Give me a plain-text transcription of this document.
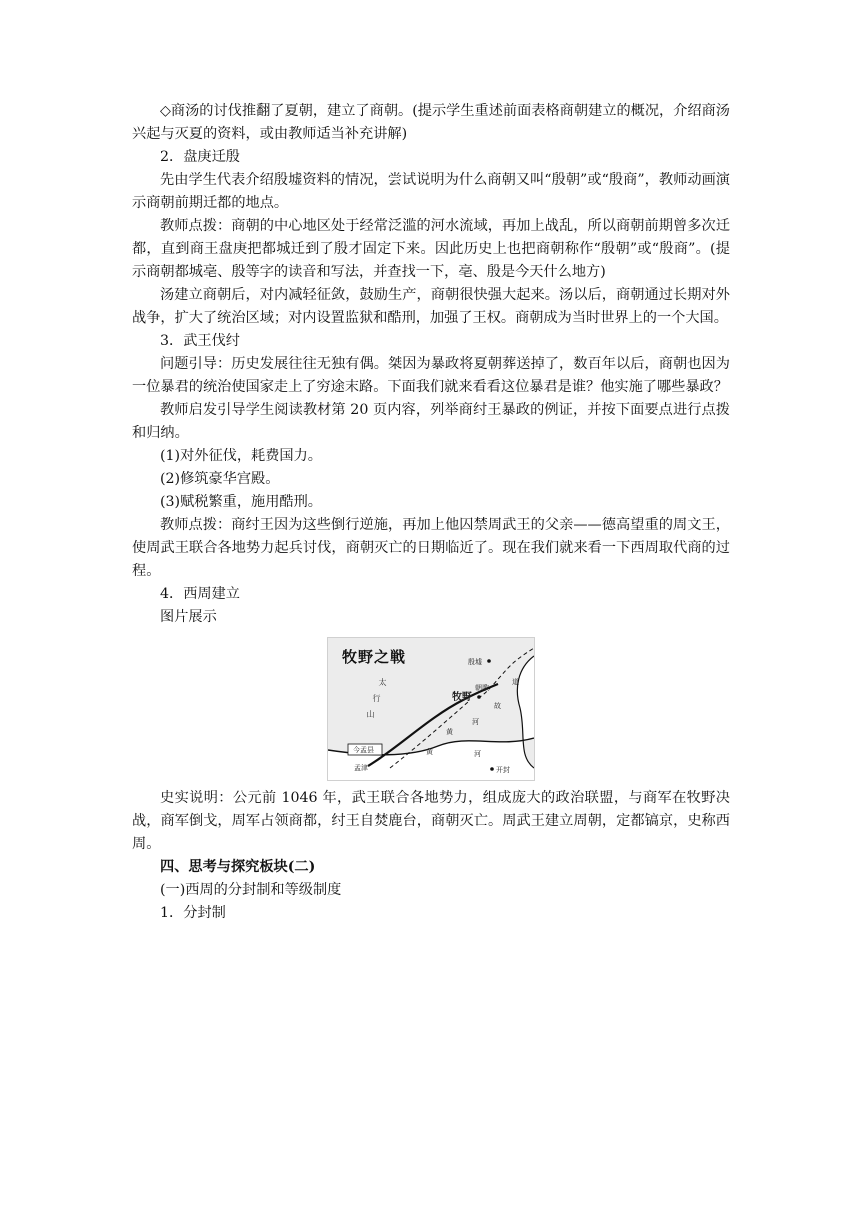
◇商汤的讨伐推翻了夏朝，建立了商朝。(提示学生重述前面表格商朝建立的概况，介绍商汤兴起与灭夏的资料，或由教师适当补充讲解)

2．盘庚迁殷

先由学生代表介绍殷墟资料的情况，尝试说明为什么商朝又叫“殷朝”或“殷商”，教师动画演示商朝前期迁都的地点。

教师点拨：商朝的中心地区处于经常泛滥的河水流域，再加上战乱，所以商朝前期曾多次迁都，直到商王盘庚把都城迁到了殷才固定下来。因此历史上也把商朝称作“殷朝”或“殷商”。(提示商朝都城亳、殷等字的读音和写法，并查找一下，亳、殷是今天什么地方)

汤建立商朝后，对内减轻征敛，鼓励生产，商朝很快强大起来。汤以后，商朝通过长期对外战争，扩大了统治区域；对内设置监狱和酷刑，加强了王权。商朝成为当时世界上的一个大国。

3．武王伐纣

问题引导：历史发展往往无独有偶。桀因为暴政将夏朝葬送掉了，数百年以后，商朝也因为一位暴君的统治使国家走上了穷途末路。下面我们就来看看这位暴君是谁？他实施了哪些暴政？

教师启发引导学生阅读教材第 20 页内容，列举商纣王暴政的例证，并按下面要点进行点拨和归纳。

(1)对外征伐，耗费国力。

(2)修筑豪华宫殿。

(3)赋税繁重，施用酷刑。

教师点拨：商纣王因为这些倒行逆施，再加上他囚禁周武王的父亲——德高望重的周文王，使周武王联合各地势力起兵讨伐，商朝灭亡的日期临近了。现在我们就来看一下西周取代商的过程。

4．西周建立

图片展示

牧野之戦	殷墟
朝歌
牧野
太
行
山
道
故
黄
河
黄	河
今孟县
孟津	开封

史实说明：公元前 1046 年，武王联合各地势力，组成庞大的政治联盟，与商军在牧野决战，商军倒戈，周军占领商都，纣王自焚鹿台，商朝灭亡。周武王建立周朝，定都镐京，史称西周。

四、思考与探究板块(二)

(一)西周的分封制和等级制度

1．分封制
